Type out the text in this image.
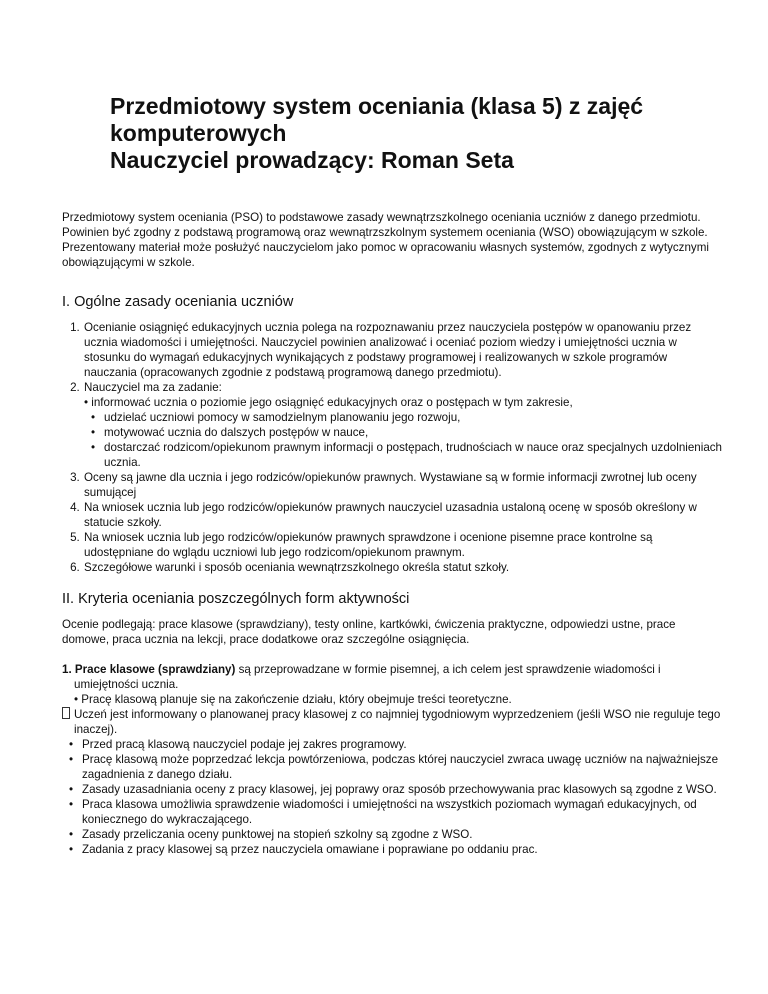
Przedmiotowy system oceniania (klasa 5) z zajęć
komputerowych
Nauczyciel prowadzący: Roman Seta

Przedmiotowy system oceniania (PSO) to podstawowe zasady wewnątrzszkolnego oceniania uczniów z danego przedmiotu.

Powinien być zgodny z podstawą programową oraz wewnątrzszkolnym systemem oceniania (WSO) obowiązującym w szkole. Prezentowany materiał może posłużyć nauczycielom jako pomoc w opracowaniu własnych systemów, zgodnych z wytycznymi obowiązującymi w szkole.

I. Ogólne zasady oceniania uczniów
1. Ocenianie osiągnięć edukacyjnych ucznia polega na rozpoznawaniu przez nauczyciela postępów w opanowaniu przez ucznia wiadomości i umiejętności. Nauczyciel powinien analizować i oceniać poziom wiedzy i umiejętności ucznia w stosunku do wymagań edukacyjnych wynikających z podstawy programowej i realizowanych w szkole programów nauczania (opracowanych zgodnie z podstawą programową danego przedmiotu).
2. Nauczyciel ma za zadanie:
• informować ucznia o poziomie jego osiągnięć edukacyjnych oraz o postępach w tym zakresie,
• udzielać uczniowi pomocy w samodzielnym planowaniu jego rozwoju,
• motywować ucznia do dalszych postępów w nauce,
• dostarczać rodzicom/opiekunom prawnym informacji o postępach, trudnościach w nauce oraz specjalnych uzdolnieniach ucznia.
3. Oceny są jawne dla ucznia i jego rodziców/opiekunów prawnych. Wystawiane są w formie informacji zwrotnej lub oceny sumującej
4. Na wniosek ucznia lub jego rodziców/opiekunów prawnych nauczyciel uzasadnia ustaloną ocenę w sposób określony w statucie szkoły.
5. Na wniosek ucznia lub jego rodziców/opiekunów prawnych sprawdzone i ocenione pisemne prace kontrolne są udostępniane do wglądu uczniowi lub jego rodzicom/opiekunom prawnym.
6. Szczegółowe warunki i sposób oceniania wewnątrzszkolnego określa statut szkoły.
II. Kryteria oceniania poszczególnych form aktywności

Ocenie podlegają: prace klasowe (sprawdziany), testy online, kartkówki, ćwiczenia praktyczne, odpowiedzi ustne, prace domowe, praca ucznia na lekcji, prace dodatkowe oraz szczególne osiągnięcia.

1. Prace klasowe (sprawdziany) są przeprowadzane w formie pisemnej, a ich celem jest sprawdzenie wiadomości i umiejętności ucznia.

• Pracę klasową planuje się na zakończenie działu, który obejmuje treści teoretyczne.

Uczeń jest informowany o planowanej pracy klasowej z co najmniej tygodniowym wyprzedzeniem (jeśli WSO nie reguluje tego inaczej).

• Przed pracą klasową nauczyciel podaje jej zakres programowy.
• Pracę klasową może poprzedzać lekcja powtórzeniowa, podczas której nauczyciel zwraca uwagę uczniów na najważniejsze zagadnienia z danego działu.
• Zasady uzasadniania oceny z pracy klasowej, jej poprawy oraz sposób przechowywania prac klasowych są zgodne z WSO.
• Praca klasowa umożliwia sprawdzenie wiadomości i umiejętności na wszystkich poziomach wymagań edukacyjnych, od koniecznego do wykraczającego.
• Zasady przeliczania oceny punktowej na stopień szkolny są zgodne z WSO.
• Zadania z pracy klasowej są przez nauczyciela omawiane i poprawiane po oddaniu prac.
